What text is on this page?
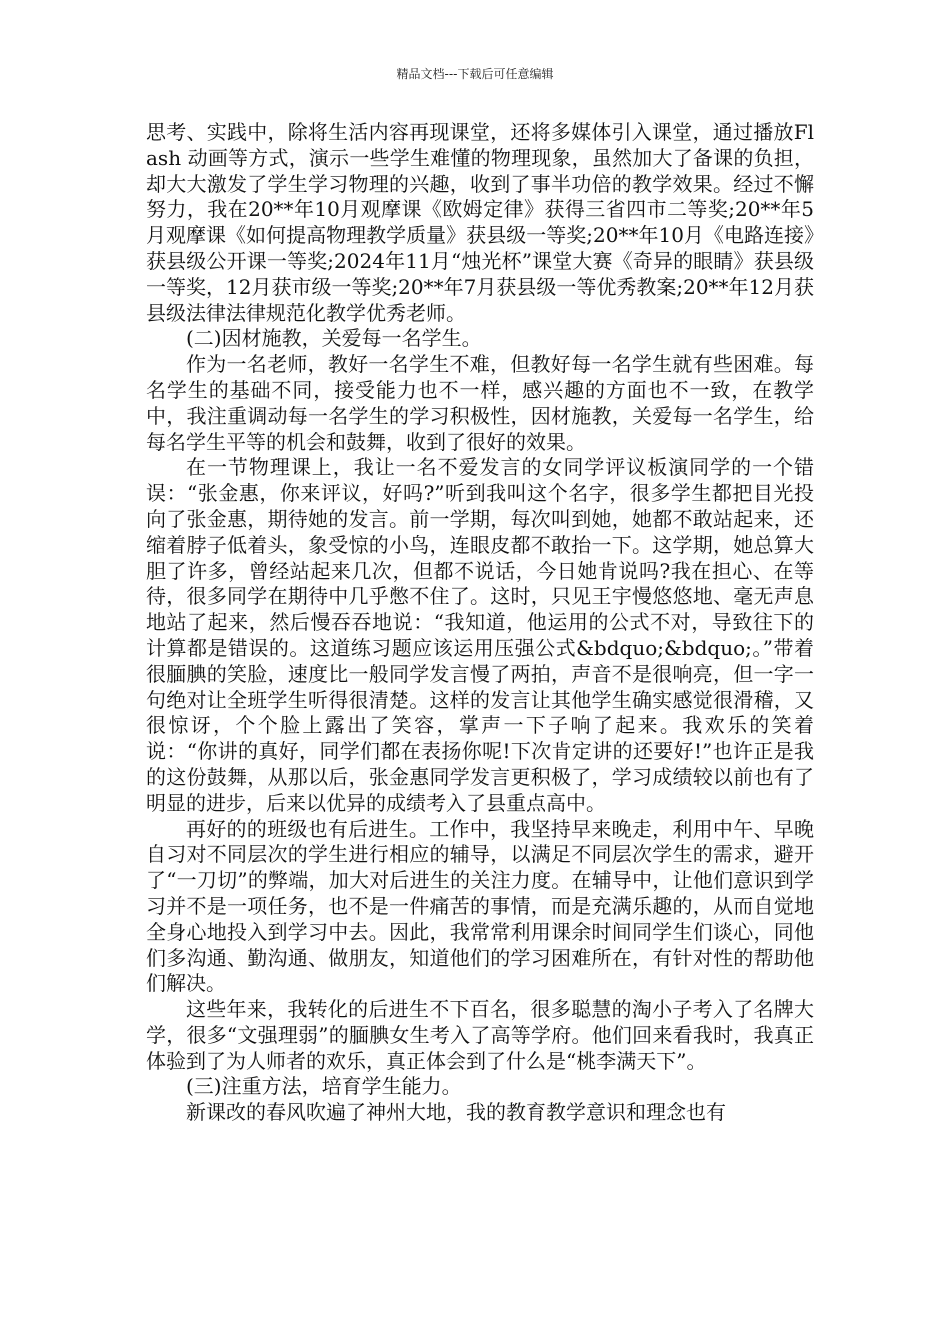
精品文档---下载后可任意编辑

思考、实践中，除将生活内容再现课堂，还将多媒体引入课堂，通过播放Flash 动画等方式，演示一些学生难懂的物理现象，虽然加大了备课的负担，却大大激发了学生学习物理的兴趣，收到了事半功倍的教学效果。经过不懈努力，我在20**年10月观摩课《欧姆定律》获得三省四市二等奖;20**年5月观摩课《如何提高物理教学质量》获县级一等奖;20**年10月《电路连接》获县级公开课一等奖;2024年11月“烛光杯”课堂大赛《奇异的眼睛》获县级一等奖，12月获市级一等奖;20**年7月获县级一等优秀教案;20**年12月获县级法律法律规范化教学优秀老师。

(二)因材施教，关爱每一名学生。

作为一名老师，教好一名学生不难，但教好每一名学生就有些困难。每名学生的基础不同，接受能力也不一样，感兴趣的方面也不一致，在教学中，我注重调动每一名学生的学习积极性，因材施教，关爱每一名学生，给每名学生平等的机会和鼓舞，收到了很好的效果。

在一节物理课上，我让一名不爱发言的女同学评议板演同学的一个错误：“张金惠，你来评议，好吗?”听到我叫这个名字，很多学生都把目光投向了张金惠，期待她的发言。前一学期，每次叫到她，她都不敢站起来，还缩着脖子低着头，象受惊的小鸟，连眼皮都不敢抬一下。这学期，她总算大胆了许多，曾经站起来几次，但都不说话，今日她肯说吗?我在担心、在等待，很多同学在期待中几乎憋不住了。这时，只见王宇慢悠悠地、毫无声息地站了起来，然后慢吞吞地说：“我知道，他运用的公式不对，导致往下的计算都是错误的。这道练习题应该运用压强公式&bdquo;&bdquo;。”带着很腼腆的笑脸，速度比一般同学发言慢了两拍，声音不是很响亮，但一字一句绝对让全班学生听得很清楚。这样的发言让其他学生确实感觉很滑稽，又很惊讶，个个脸上露出了笑容，掌声一下子响了起来。我欢乐的笑着说：“你讲的真好，同学们都在表扬你呢!下次肯定讲的还要好!”也许正是我的这份鼓舞，从那以后，张金惠同学发言更积极了，学习成绩较以前也有了明显的进步，后来以优异的成绩考入了县重点高中。

再好的的班级也有后进生。工作中，我坚持早来晚走，利用中午、早晚自习对不同层次的学生进行相应的辅导，以满足不同层次学生的需求，避开了“一刀切”的弊端，加大对后进生的关注力度。在辅导中，让他们意识到学习并不是一项任务，也不是一件痛苦的事情，而是充满乐趣的，从而自觉地全身心地投入到学习中去。因此，我常常利用课余时间同学生们谈心，同他们多沟通、勤沟通、做朋友，知道他们的学习困难所在，有针对性的帮助他们解决。

这些年来，我转化的后进生不下百名，很多聪慧的淘小子考入了名牌大学，很多“文强理弱”的腼腆女生考入了高等学府。他们回来看我时，我真正体验到了为人师者的欢乐，真正体会到了什么是“桃李满天下”。

(三)注重方法，培育学生能力。

新课改的春风吹遍了神州大地，我的教育教学意识和理念也有
